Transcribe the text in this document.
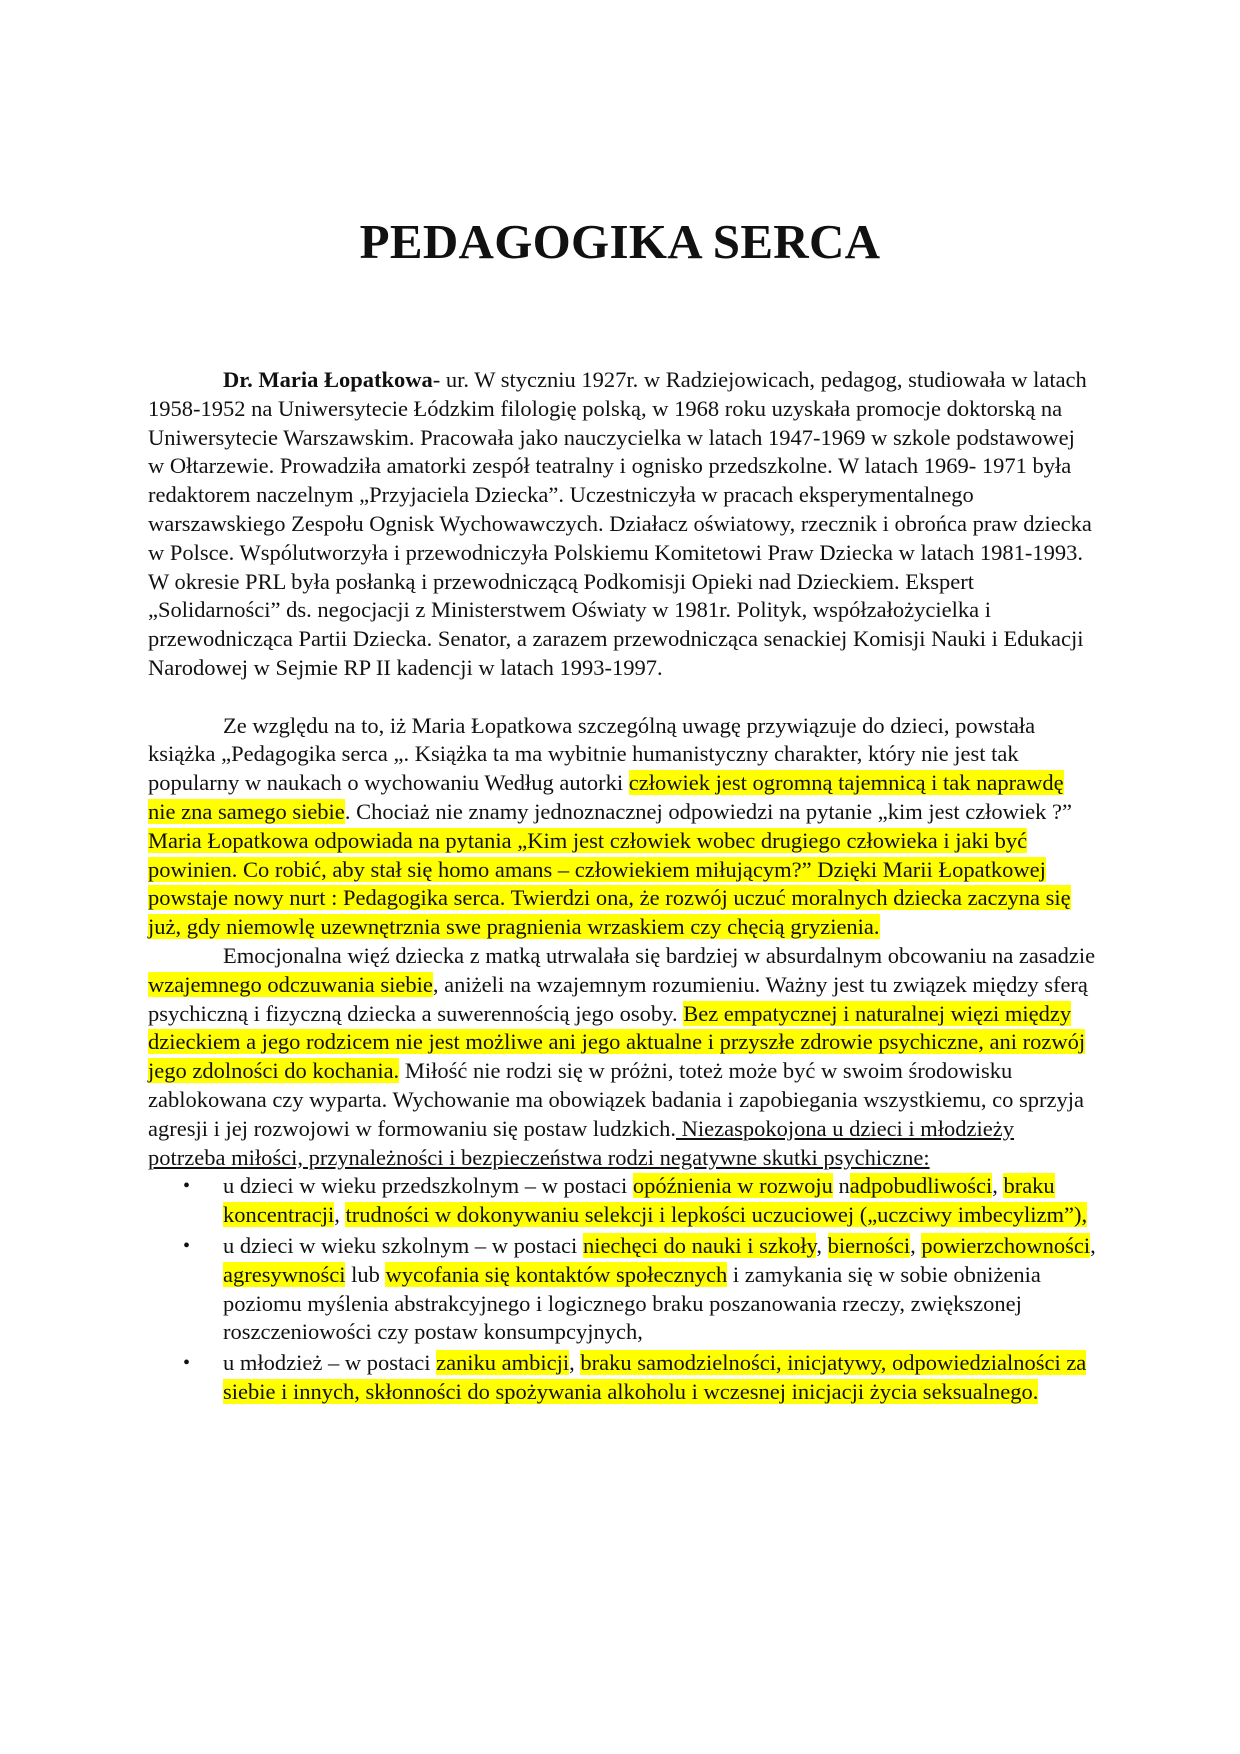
PEDAGOGIKA SERCA

Dr. Maria Łopatkowa- ur. W styczniu 1927r. w Radziejowicach, pedagog, studiowała w latach 1958-1952 na Uniwersytecie Łódzkim filologię polską, w 1968 roku uzyskała promocje doktorską na Uniwersytecie Warszawskim. Pracowała jako nauczycielka w latach 1947-1969 w szkole podstawowej w Ołtarzewie. Prowadziła amatorki zespół teatralny i ognisko przedszkolne. W latach 1969- 1971 była redaktorem naczelnym „Przyjaciela Dziecka”. Uczestniczyła w pracach eksperymentalnego warszawskiego Zespołu Ognisk Wychowawczych. Działacz oświatowy, rzecznik i obrońca praw dziecka w Polsce. Wspólutworzyła i przewodniczyła Polskiemu Komitetowi Praw Dziecka w latach 1981-1993. W okresie PRL była posłanką i przewodniczącą Podkomisji Opieki nad Dzieckiem. Ekspert „Solidarności” ds. negocjacji z Ministerstwem Oświaty w 1981r. Polityk, współzałożycielka i przewodnicząca Partii Dziecka. Senator, a zarazem przewodnicząca senackiej Komisji Nauki i Edukacji Narodowej w Sejmie RP II kadencji w latach 1993-1997.

Ze względu na to, iż Maria Łopatkowa szczególną uwagę przywiązuje do dzieci, powstała książka „Pedagogika serca „. Książka ta ma wybitnie humanistyczny charakter, który nie jest tak popularny w naukach o wychowaniu Według autorki człowiek jest ogromną tajemnicą i tak naprawdę nie zna samego siebie. Chociaż nie znamy jednoznacznej odpowiedzi na pytanie „kim jest człowiek ?” Maria Łopatkowa odpowiada na pytania „Kim jest człowiek wobec drugiego człowieka i jaki być powinien. Co robić, aby stał się homo amans – człowiekiem miłującym?” Dzięki Marii Łopatkowej powstaje nowy nurt : Pedagogika serca. Twierdzi ona, że rozwój uczuć moralnych dziecka zaczyna się już, gdy niemowlę uzewnętrznia swe pragnienia wrzaskiem czy chęcią gryzienia.

Emocjonalna więź dziecka z matką utrwalała się bardziej w absurdalnym obcowaniu na zasadzie wzajemnego odczuwania siebie, aniżeli na wzajemnym rozumieniu. Ważny jest tu związek między sferą psychiczną i fizyczną dziecka a suwerennością jego osoby. Bez empatycznej i naturalnej więzi między dzieckiem a jego rodzicem nie jest możliwe ani jego aktualne i przyszłe zdrowie psychiczne, ani rozwój jego zdolności do kochania. Miłość nie rodzi się w próżni, toteż może być w swoim środowisku zablokowana czy wyparta. Wychowanie ma obowiązek badania i zapobiegania wszystkiemu, co sprzyja agresji i jej rozwojowi w formowaniu się postaw ludzkich. Niezaspokojona u dzieci i młodzieży potrzeba miłości, przynależności i bezpieczeństwa rodzi negatywne skutki psychiczne:

• u dzieci w wieku przedszkolnym – w postaci opóźnienia w rozwoju nadpobudliwości, braku koncentracji, trudności w dokonywaniu selekcji i lepkości uczuciowej („uczciwy imbecylizm”),
• u dzieci w wieku szkolnym – w postaci niechęci do nauki i szkoły, bierności, powierzchowności, agresywności lub wycofania się kontaktów społecznych i zamykania się w sobie obniżenia poziomu myślenia abstrakcyjnego i logicznego braku poszanowania rzeczy, zwiększonej roszczeniowości czy postaw konsumpcyjnych,
• u młodzież – w postaci zaniku ambicji, braku samodzielności, inicjatywy, odpowiedzialności za siebie i innych, skłonności do spożywania alkoholu i wczesnej inicjacji życia seksualnego.
